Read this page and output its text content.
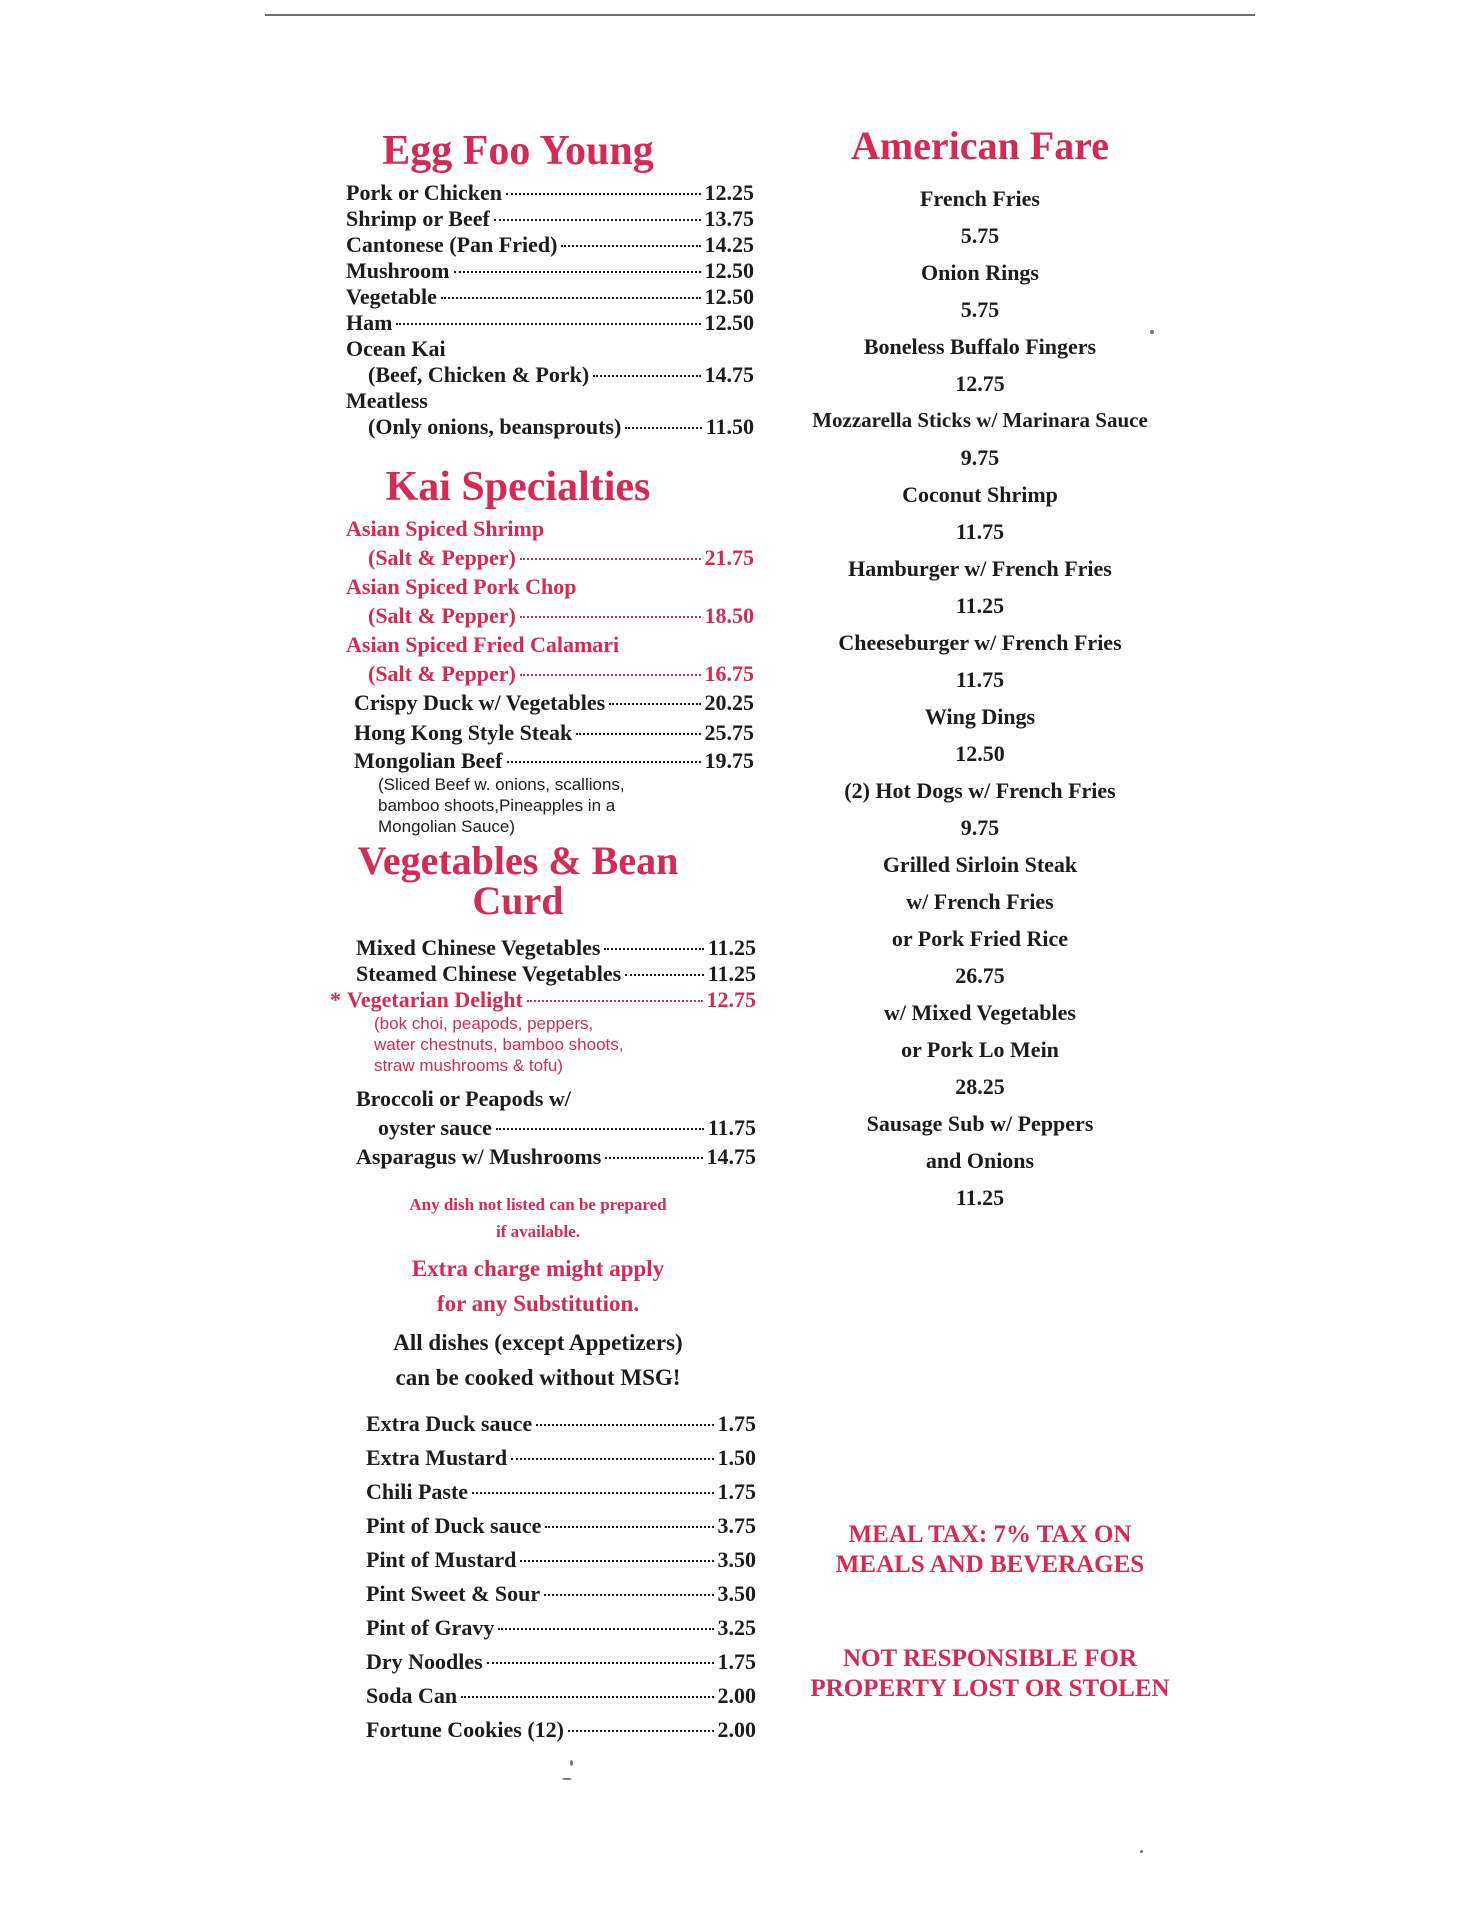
Egg Foo Young
Pork or Chicken	12.25
Shrimp or Beef	13.75
Cantonese (Pan Fried)	14.25
Mushroom	12.50
Vegetable	12.50
Ham	12.50
Ocean Kai
(Beef, Chicken & Pork)	14.75
Meatless
(Only onions, beansprouts)	11.50
Kai Specialties
Asian Spiced Shrimp
(Salt & Pepper)	21.75
Asian Spiced Pork Chop
(Salt & Pepper)	18.50
Asian Spiced Fried Calamari
(Salt & Pepper)	16.75
Crispy Duck w/ Vegetables	20.25
Hong Kong Style Steak	25.75
Mongolian Beef	19.75
(Sliced Beef w. onions, scallions,
bamboo shoots,Pineapples in a
Mongolian Sauce)
Vegetables & Bean Curd
Mixed Chinese Vegetables	11.25
Steamed Chinese Vegetables	11.25
* Vegetarian Delight	12.75
(bok choi, peapods, peppers,
water chestnuts, bamboo shoots,
straw mushrooms & tofu)
Broccoli or Peapods w/
oyster sauce	11.75
Asparagus w/ Mushrooms	14.75
Any dish not listed can be prepared
if available.
Extra charge might apply
for any Substitution.
All dishes (except Appetizers)
can be cooked without MSG!
Extra Duck sauce	1.75
Extra Mustard	1.50
Chili Paste	1.75
Pint of Duck sauce	3.75
Pint of Mustard	3.50
Pint Sweet & Sour	3.50
Pint of Gravy	3.25
Dry Noodles	1.75
Soda Can	2.00
Fortune Cookies (12)	2.00
American Fare
French Fries
5.75
Onion Rings
5.75
Boneless Buffalo Fingers
12.75
Mozzarella Sticks w/ Marinara Sauce
9.75
Coconut Shrimp
11.75
Hamburger w/ French Fries
11.25
Cheeseburger w/ French Fries
11.75
Wing Dings
12.50
(2) Hot Dogs w/ French Fries
9.75
Grilled Sirloin Steak
w/ French Fries
or Pork Fried Rice
26.75
w/ Mixed Vegetables
or Pork Lo Mein
28.25
Sausage Sub w/ Peppers
and Onions
11.25
MEAL TAX: 7% TAX ON
MEALS AND BEVERAGES
NOT RESPONSIBLE FOR
PROPERTY LOST OR STOLEN
